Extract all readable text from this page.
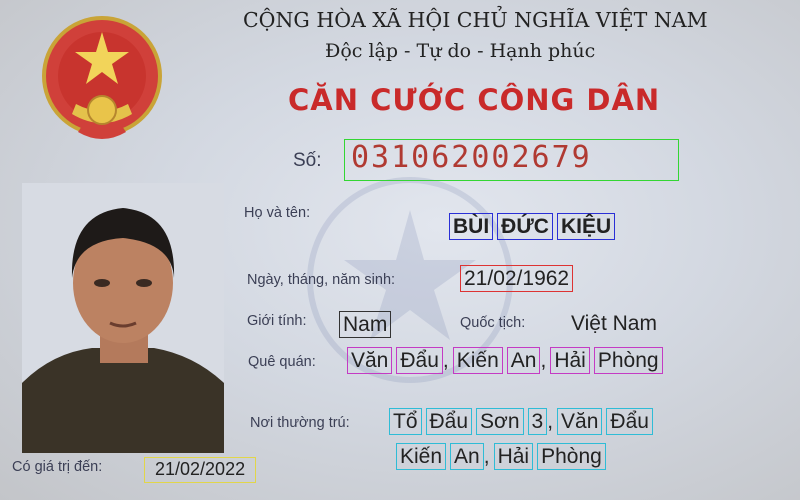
CỘNG HÒA XÃ HỘI CHỦ NGHĨA VIỆT NAM
Độc lập - Tự do - Hạnh phúc
CĂN CƯỚC CÔNG DÂN
Số: 031062002679
Họ và tên:
BÙI ĐỨC KIỆU
Ngày, tháng, năm sinh:	21/02/1962
Giới tính: Nam	Quốc tịch: Việt Nam
Quê quán: Văn Đẩu , Kiến An , Hải Phòng
Nơi thường trú: Tổ Đẩu Sơn 3 , Văn Đẩu
Kiến An , Hải Phòng
Có giá trị đến:	21/02/2022
